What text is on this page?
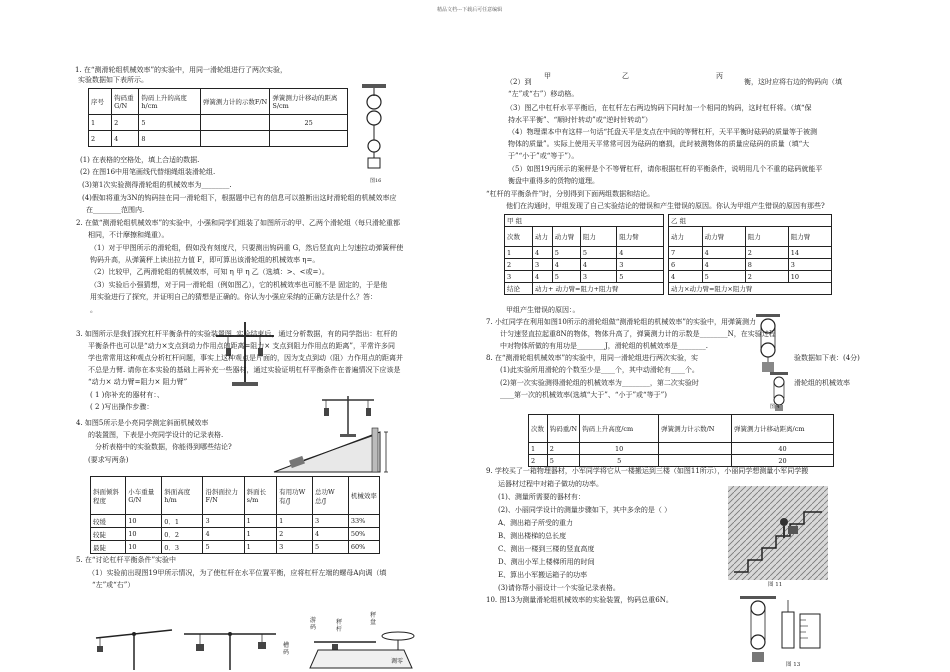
精品文档---下载后可任意编辑
1. 在“测滑轮组机械效率”的实验中，用同一滑轮组进行了两次实验，
实验数据如下表所示。
序号	钩码重G/N	钩码上升的高度h/cm	弹簧测力计的示数F/N	弹簧测力计移动的距离S/cm
1	2	5		25
2	4	8		
图16
(1) 在表格的空格处，填上合适的数据.
(2) 在图16中用笔画线代替细绳组装滑轮组.
(3)第1次实验测得滑轮组的机械效率为________.
(4)假如将重为3N的钩码挂在同一滑轮组下，根据题中已有的信息可以推断出这时滑轮组的机械效率应
在________范围内.
2. 在做“测滑轮组机械效率”的实验中，小强和同学们组装了如图所示的甲、乙两个滑轮组（每只滑轮重都
相同，不计摩擦和绳重）。
（1）对于甲图所示的滑轮组，假如没有刻度尺，只要测出钩码重 G，然后竖直向上匀速拉动弹簧秤使
钩码升高，从弹簧秤上读出拉力值 F，即可算出该滑轮组的机械效率 η=。
（2）比较甲，乙两滑轮组的机械效率，可知 η 甲 η 乙（选填：>、<或=）。
（3）实验后小强猜想，对于同一滑轮组（例如图乙），它的机械效率也可能不是 固定的，于是他
用实验进行了探究，并证明自己的猜想是正确的。你认为小强应采纳的正确方法是什么？答：
。
3. 如图所示是我们探究杠杆平衡条件的实验装置图. 实验结束后，通过分析数据，有的同学指出：杠杆的
平衡条件也可以是“动力×支点到动力作用点的距离=阻力× 支点到阻力作用点的距离”，平常许多同
学也常常用这种观点分析杠杆问题，事实上这种观点是片面的，因为支点到动（阻）力作用点的距离并
不总是力臂. 请你在本实验的基础上再补充一些器材，通过实验证明杠杆平衡条件在普遍情况下应该是
“动力× 动力臂=阻力× 阻力臂”
( 1 )你补充的器材有：、
( 2 )写出操作步骤：
4. 如图5所示是小亮同学测定斜面机械效率
的装置图，下表是小亮同学设计的记录表格.
分析表格中的实验数据，你能得到哪些结论?
(要求写两条)
斜面倾斜程度	小车重量G/N	斜面高度h/m	沿斜面拉力F/N	斜面长s/m	有用功W有/J	总功W总/J	机械效率
较缓	10	0．1	3	1	1	3	33%
较陡	10	0．2	4	1	2	4	50%
最陡	10	0．3	5	1	3	5	60%
5. 在“讨论杠杆平衡条件”实验中
（1）实验前出现图19甲所示情况，为了使杠杆在水平位置平衡，应将杠杆左端的螺母A向调（填
“左”或“右”）
游码
秤杆
秤盘
槽码
调零
甲	乙	丙
（2）到	衡，这时应将右边的钩码向（填
“左”或“右”）移动格。
（3）图乙中杠杆水平平衡后，在杠杆左右两边钩码下同时加一个相同的钩码，这时杠杆将。（填“保
持水平平衡”、“顺时针转动”或“逆时针转动”）
（4）物理课本中有这样一句话“托盘天平是支点在中间的等臂杠杆，天平平衡时砝码的质量等于被测
物体的质量”。实际上使用天平常常可因为砝码的磨损，此时被测物体的质量应砝码的质量（填“大
于”“小于”或“等于”）。
（5）如图19丙所示的案秤是个不等臂杠杆，请你根据杠杆的平衡条件，说明用几个不重的砝码就能平
衡盘中重得多的货物的道理。
“杠杆的平衡条件”时，分别得到下面两组数据和结论。
他们在沟通时，甲组发现了自己实验结论的错误和产生错误的原因。你认为甲组产生错误的原因有那些?
甲 组				
次数	动力	动力臂	阻力	阻力臂
1	4	5	5	4
2	3	4	4	3
3	4	5	3	5
结论	动力+ 动力臂=阻力+阻力臂			
乙 组			
动力	动力臂	阻力	阻力臂
7	4	2	14
6	4	8	3
4	5	2	10
动力×动力臂=阻力×阻力臂			
甲组产生错误的原因：。
7. 小红同学在利用如图10所示的滑轮组做“测滑轮组的机械效率”的实验中，用弹簧测力
计匀速竖直拉起重8N的物体，物体升高了，弹簧测力计的示数是________N，在实验过程
中对物体所做的有用功是________J，滑轮组的机械效率是________.
8. 在“测滑轮组机械效率”的实验中，用同一滑轮组进行两次实验，实	验数据如下表：(4分)
(1)此实验所用滑轮的个数至少是____个，其中动滑轮有____个。
(2)第一次实验测得滑轮组的机械效率为________，第二次实验时	滑轮组的机械效率
____第一次的机械效率(选填“大于”、“小于”或“等于”)
图 4
次数	钩码重/N	钩码上升高度/cm	弹簧测力计示数/N	弹簧测力计移动距离/cm
1	2	10		40
2	5	5		20
9. 学校买了一箱物理器材，小军同学将它从一楼搬运到三楼（如图11所示），小丽同学想测量小军同学搬
运器材过程中对箱子做功的功率。
(1)、测量所需要的器材有：
(2)、小丽同学设计的测量步骤如下，其中多余的是（ ）
A、测出箱子所受的重力
B、测出楼梯的总长度
C、测出一楼到三楼的竖直高度
D、测出小军上楼梯所用的时间
E、算出小军搬运箱子的功率
(3)请你帮小丽设计一个实验记录表格。	图 11
10. 图13为测量滑轮组机械效率的实验装置，钩码总重6N。
图 13
